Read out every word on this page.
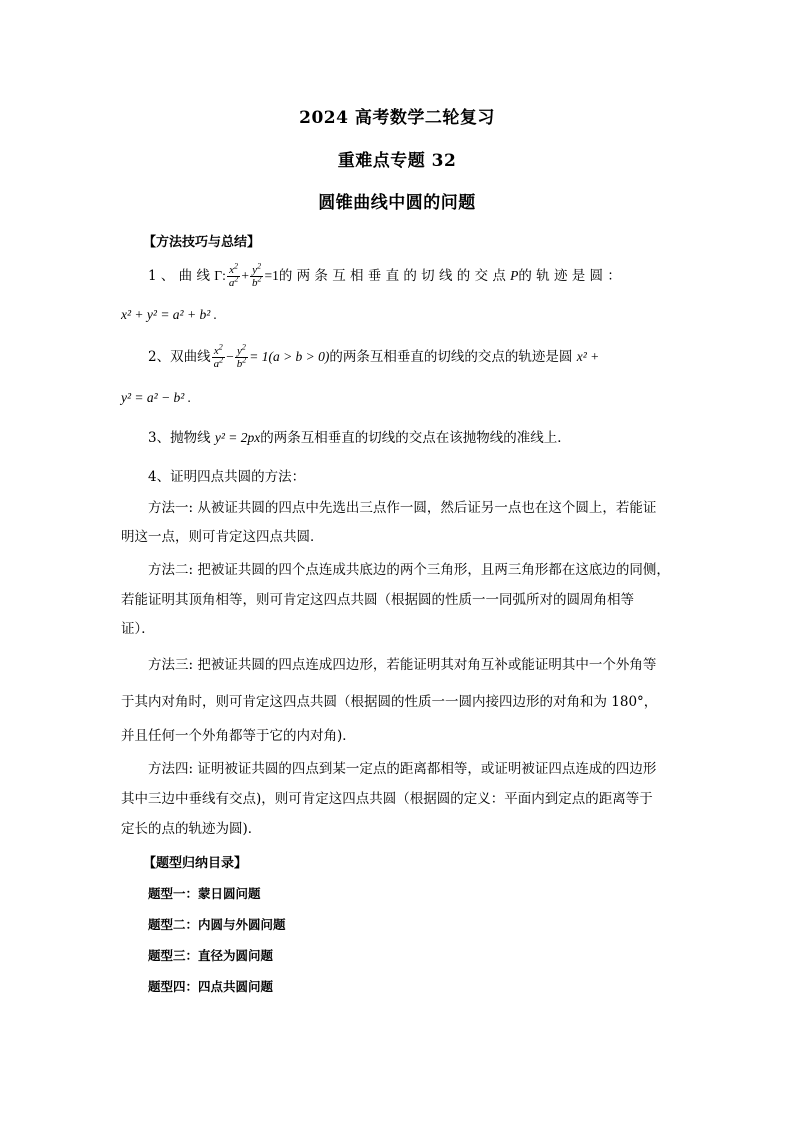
2024 高考数学二轮复习
重难点专题 32
圆锥曲线中圆的问题
【方法技巧与总结】
1 、 曲 线 Γ: $\frac{x^2}{a^2} + \frac{y^2}{b^2} =1$的 两 条 互 相 垂 直 的 切 线 的 交 点 P的 轨 迹 是 圆 ：
x² + y² = a² + b² .
2、双曲线 $\frac{x^2}{a^2} - \frac{y^2}{b^2} = 1(a > b > 0)$的两条互相垂直的切线的交点的轨迹是圆 x² +
y² = a² − b² .
3、抛物线 y² = 2px的两条互相垂直的切线的交点在该抛物线的准线上．
4、证明四点共圆的方法：
方法一: 从被证共圆的四点中先选出三点作一圆，然后证另一点也在这个圆上，若能证
明这一点，则可肯定这四点共圆．
方法二: 把被证共圆的四个点连成共底边的两个三角形，且两三角形都在这底边的同侧，
若能证明其顶角相等，则可肯定这四点共圆（根据圆的性质一一同弧所对的圆周角相等
证）．
方法三: 把被证共圆的四点连成四边形，若能证明其对角互补或能证明其中一个外角等
于其内对角时，则可肯定这四点共圆（根据圆的性质一一圆内接四边形的对角和为 180°，
并且任何一个外角都等于它的内对角)．
方法四: 证明被证共圆的四点到某一定点的距离都相等，或证明被证四点连成的四边形
其中三边中垂线有交点)，则可肯定这四点共圆（根据圆的定义：平面内到定点的距离等于
定长的点的轨迹为圆)．
【题型归纳目录】
题型一：蒙日圆问题
题型二：内圆与外圆问题
题型三：直径为圆问题
题型四：四点共圆问题
